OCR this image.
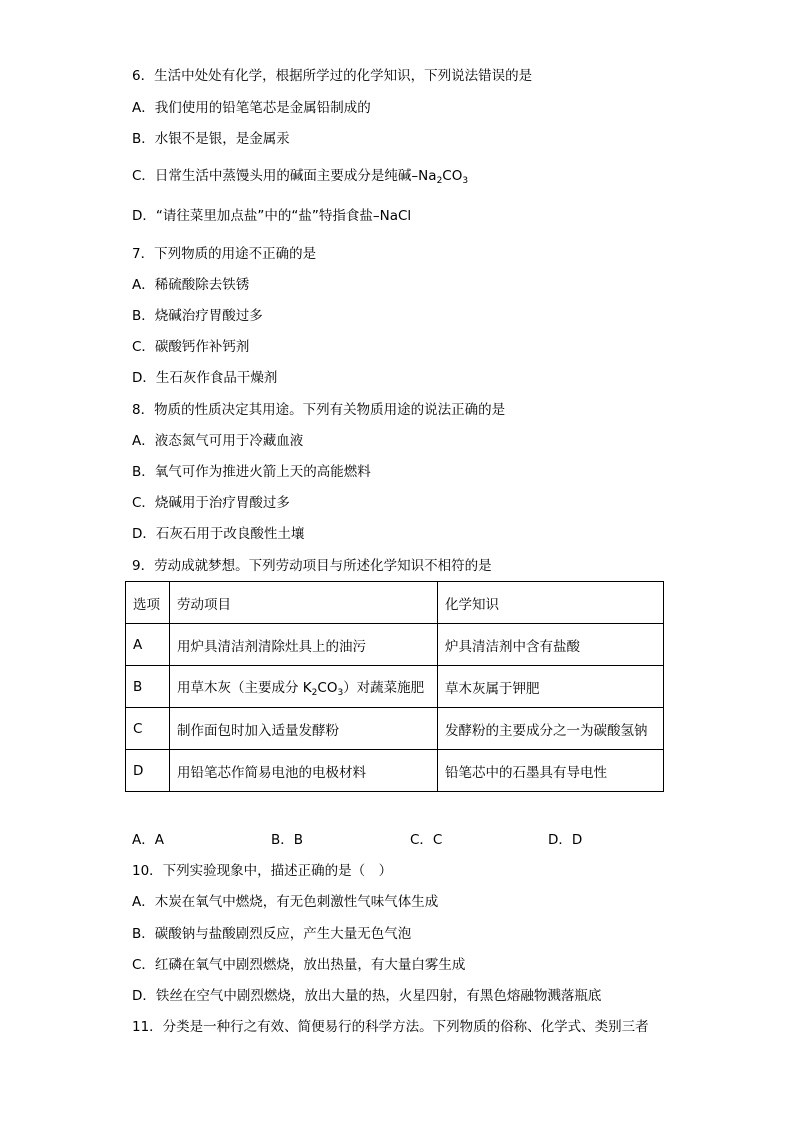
6．生活中处处有化学，根据所学过的化学知识，下列说法错误的是
A．我们使用的铅笔笔芯是金属铅制成的
B．水银不是银，是金属汞
C．日常生活中蒸馒头用的碱面主要成分是纯碱$-Na_2CO_3$
D．“请往菜里加点盐”中的“盐”特指食盐–NaCl
7．下列物质的用途不正确的是
A．稀硫酸除去铁锈
B．烧碱治疗胃酸过多
C．碳酸钙作补钙剂
D．生石灰作食品干燥剂
8．物质的性质决定其用途。下列有关物质用途的说法正确的是
A．液态氮气可用于冷藏血液
B．氧气可作为推进火箭上天的高能燃料
C．烧碱用于治疗胃酸过多
D．石灰石用于改良酸性土壤
9．劳动成就梦想。下列劳动项目与所述化学知识不相符的是
选项	劳动项目	化学知识
A	用炉具清洁剂清除灶具上的油污	炉具清洁剂中含有盐酸
B	用草木灰（主要成分 $K_2CO_3$）对蔬菜施肥	草木灰属于钾肥
C	制作面包时加入适量发酵粉	发酵粉的主要成分之一为碳酸氢钠
D	用铅笔芯作简易电池的电极材料	铅笔芯中的石墨具有导电性
A．A	B．B	C．C	D．D
10．下列实验现象中，描述正确的是（　）
A．木炭在氧气中燃烧，有无色刺激性气味气体生成
B．碳酸钠与盐酸剧烈反应，产生大量无色气泡
C．红磷在氧气中剧烈燃烧，放出热量，有大量白雾生成
D．铁丝在空气中剧烈燃烧，放出大量的热，火星四射，有黑色熔融物溅落瓶底
11．分类是一种行之有效、简便易行的科学方法。下列物质的俗称、化学式、类别三者
